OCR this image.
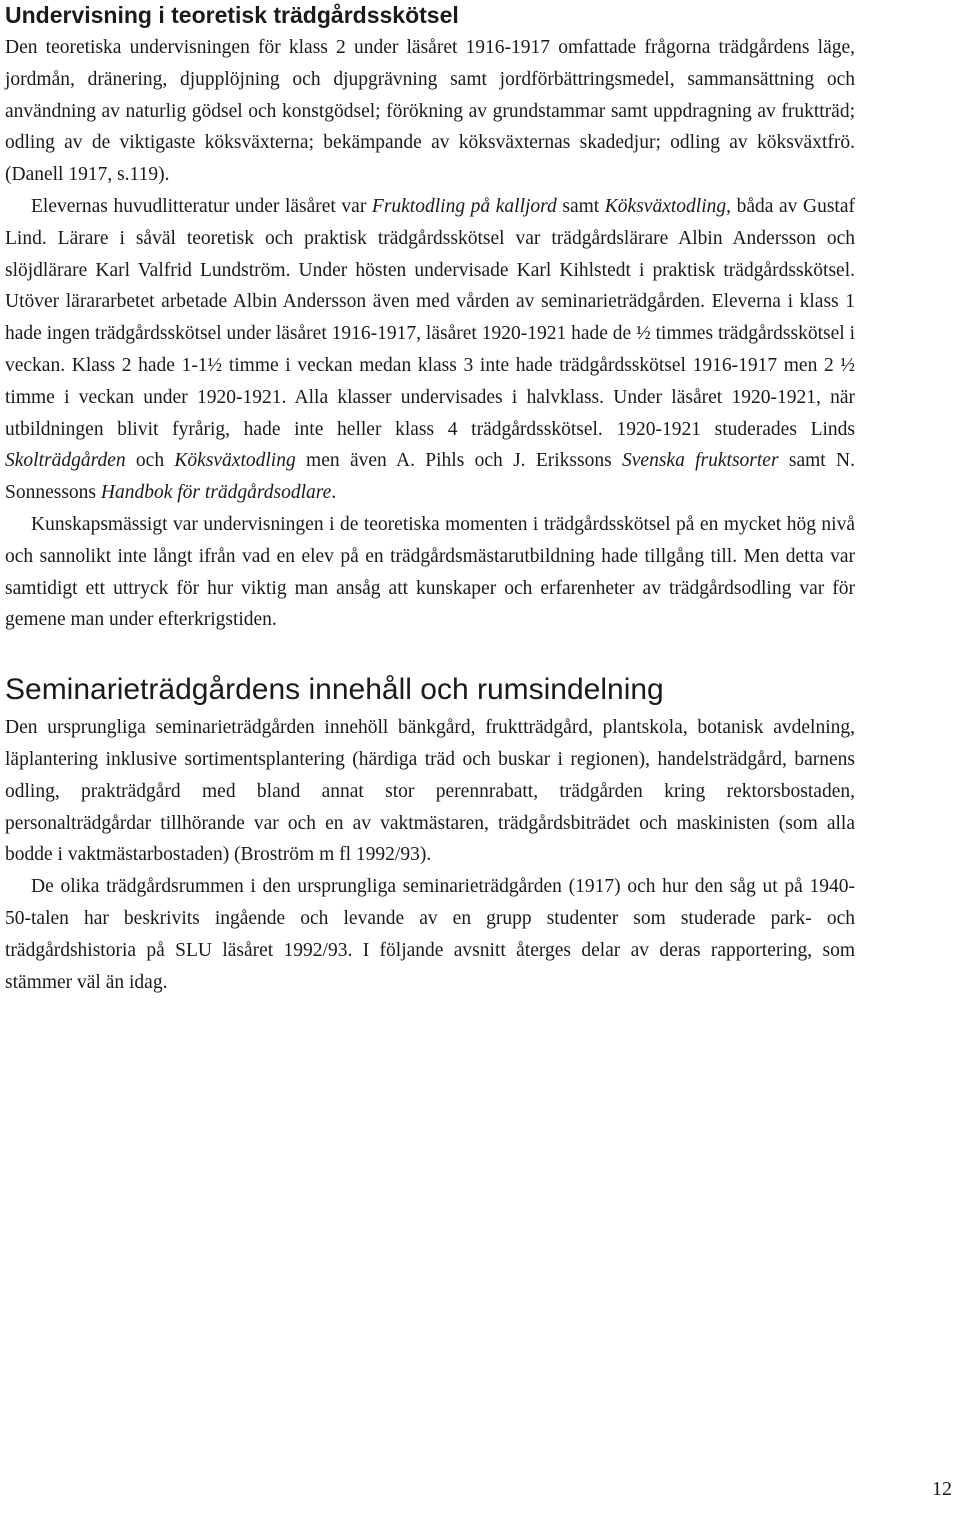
Undervisning i teoretisk trädgårdsskötsel

Den teoretiska undervisningen för klass 2 under läsåret 1916-1917 omfattade frågorna trädgårdens läge, jordmån, dränering, djupplöjning och djupgrävning samt jordförbättringsmedel, sammansättning och användning av naturlig gödsel och konstgödsel; förökning av grundstammar samt uppdragning av fruktträd; odling av de viktigaste köksväxterna; bekämpande av köksväxternas skadedjur; odling av köksväxtfrö. (Danell 1917, s.119).

Elevernas huvudlitteratur under läsåret var Fruktodling på kalljord samt Köksväxtodling, båda av Gustaf Lind. Lärare i såväl teoretisk och praktisk trädgårdsskötsel var trädgårdslärare Albin Andersson och slöjdlärare Karl Valfrid Lundström. Under hösten undervisade Karl Kihlstedt i praktisk trädgårdsskötsel. Utöver lärararbetet arbetade Albin Andersson även med vården av seminarieträdgården. Eleverna i klass 1 hade ingen trädgårdsskötsel under läsåret 1916-1917, läsåret 1920-1921 hade de ½ timmes trädgårdsskötsel i veckan. Klass 2 hade 1-1½ timme i veckan medan klass 3 inte hade trädgårdsskötsel 1916-1917 men 2 ½ timme i veckan under 1920-1921. Alla klasser undervisades i halvklass. Under läsåret 1920-1921, när utbildningen blivit fyrårig, hade inte heller klass 4 trädgårdsskötsel. 1920-1921 studerades Linds Skolträdgården och Köksväxtodling men även A. Pihls och J. Erikssons Svenska fruktsorter samt N. Sonnessons Handbok för trädgårdsodlare.

Kunskapsmässigt var undervisningen i de teoretiska momenten i trädgårdsskötsel på en mycket hög nivå och sannolikt inte långt ifrån vad en elev på en trädgårdsmästarutbildning hade tillgång till. Men detta var samtidigt ett uttryck för hur viktig man ansåg att kunskaper och erfarenheter av trädgårdsodling var för gemene man under efterkrigstiden.

Seminarieträdgårdens innehåll och rumsindelning

Den ursprungliga seminarieträdgården innehöll bänkgård, fruktträdgård, plantskola, botanisk avdelning, läplantering inklusive sortimentsplantering (härdiga träd och buskar i regionen), handelsträdgård, barnens odling, prakträdgård med bland annat stor perennrabatt, trädgården kring rektorsbostaden, personalträdgårdar tillhörande var och en av vaktmästaren, trädgårdsbiträdet och maskinisten (som alla bodde i vaktmästarbostaden) (Broström m fl 1992/93).

De olika trädgårdsrummen i den ursprungliga seminarieträdgården (1917) och hur den såg ut på 1940-50-talen har beskrivits ingående och levande av en grupp studenter som studerade park- och trädgårdshistoria på SLU läsåret 1992/93. I följande avsnitt återges delar av deras rapportering, som stämmer väl än idag.

12
